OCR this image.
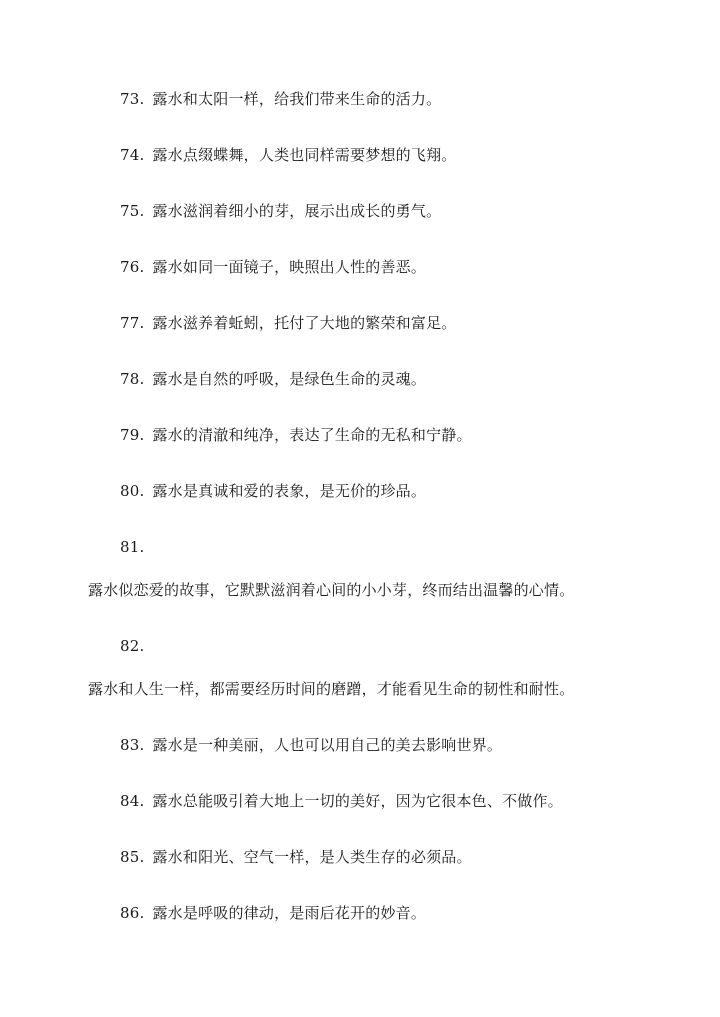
73. 露水和太阳一样，给我们带来生命的活力。
74. 露水点缀蝶舞，人类也同样需要梦想的飞翔。
75. 露水滋润着细小的芽，展示出成长的勇气。
76. 露水如同一面镜子，映照出人性的善恶。
77. 露水滋养着蚯蚓，托付了大地的繁荣和富足。
78. 露水是自然的呼吸，是绿色生命的灵魂。
79. 露水的清澈和纯净，表达了生命的无私和宁静。
80. 露水是真诚和爱的表象，是无价的珍品。
81.
露水似恋爱的故事，它默默滋润着心间的小小芽，终而结出温馨的心情。
82.
露水和人生一样，都需要经历时间的磨蹭，才能看见生命的韧性和耐性。
83. 露水是一种美丽，人也可以用自己的美去影响世界。
84. 露水总能吸引着大地上一切的美好，因为它很本色、不做作。
85. 露水和阳光、空气一样，是人类生存的必须品。
86. 露水是呼吸的律动，是雨后花开的妙音。
